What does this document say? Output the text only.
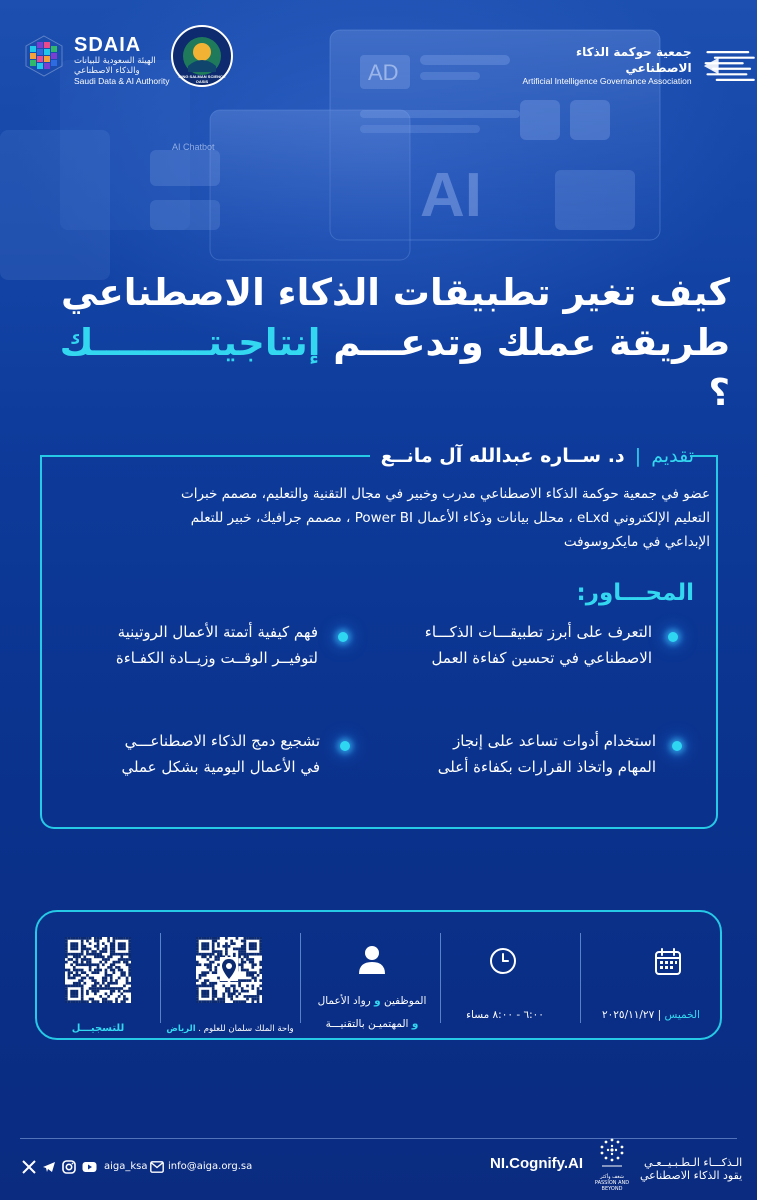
AD
AI
AI Chatbot
SDAIA
الهيئة السعودية للبيانات
والذكاء الاصطناعي
Saudi Data & AI Authority	KING SALMAN SCIENCE OASIS
جمعية حوكمة الذكاء الاصطناعي
Artificial Intelligence Governance Association
كيف تغير تطبيقات الذكاء الاصطناعي
طريقة عملك وتدعـــم إنتاجيتـــــــــك ؟
تقديم | د. ســاره عبدالله آل مانــع
عضو في جمعية حوكمة الذكاء الاصطناعي مدرب وخبير في مجال التقنية والتعليم، مصمم خبرات
التعليم الإلكتروني eLxd ، محلل بيانات وذكاء الأعمال Power BI ، مصمم جرافيك، خبير للتعلم
الإبداعي في مايكروسوفت
المحـــاور:
التعرف على أبرز تطبيقـــات الذكـــاء
الاصطناعي في تحسين كفاءة العمل
فهم كيفية أتمتة الأعمال الروتينية
لتوفيــر الوقــت وزيــادة الكفـاءة
استخدام أدوات تساعد على إنجاز
المهام واتخاذ القرارات بكفاءة أعلى
تشجيع دمج الذكاء الاصطناعـــي
في الأعمال اليومية بشكل عملي
الخميس | ٢٠٢٥/١١/٢٧
٦:٠٠ - ٨:٠٠ مساء
الموظفين و رواد الأعمال
و المهتميـن بالتقنيـــة
واحة الملك سلمان للعلوم . الرياض
للتسجيـــل
aiga_ksa info@aiga.org.sa	NI.Cognify.AI
شغف وأكثر
PASSION AND BEYOND
الـذكـــاء الـطـبـيــعـي
يقود الذكاء الاصطناعي
